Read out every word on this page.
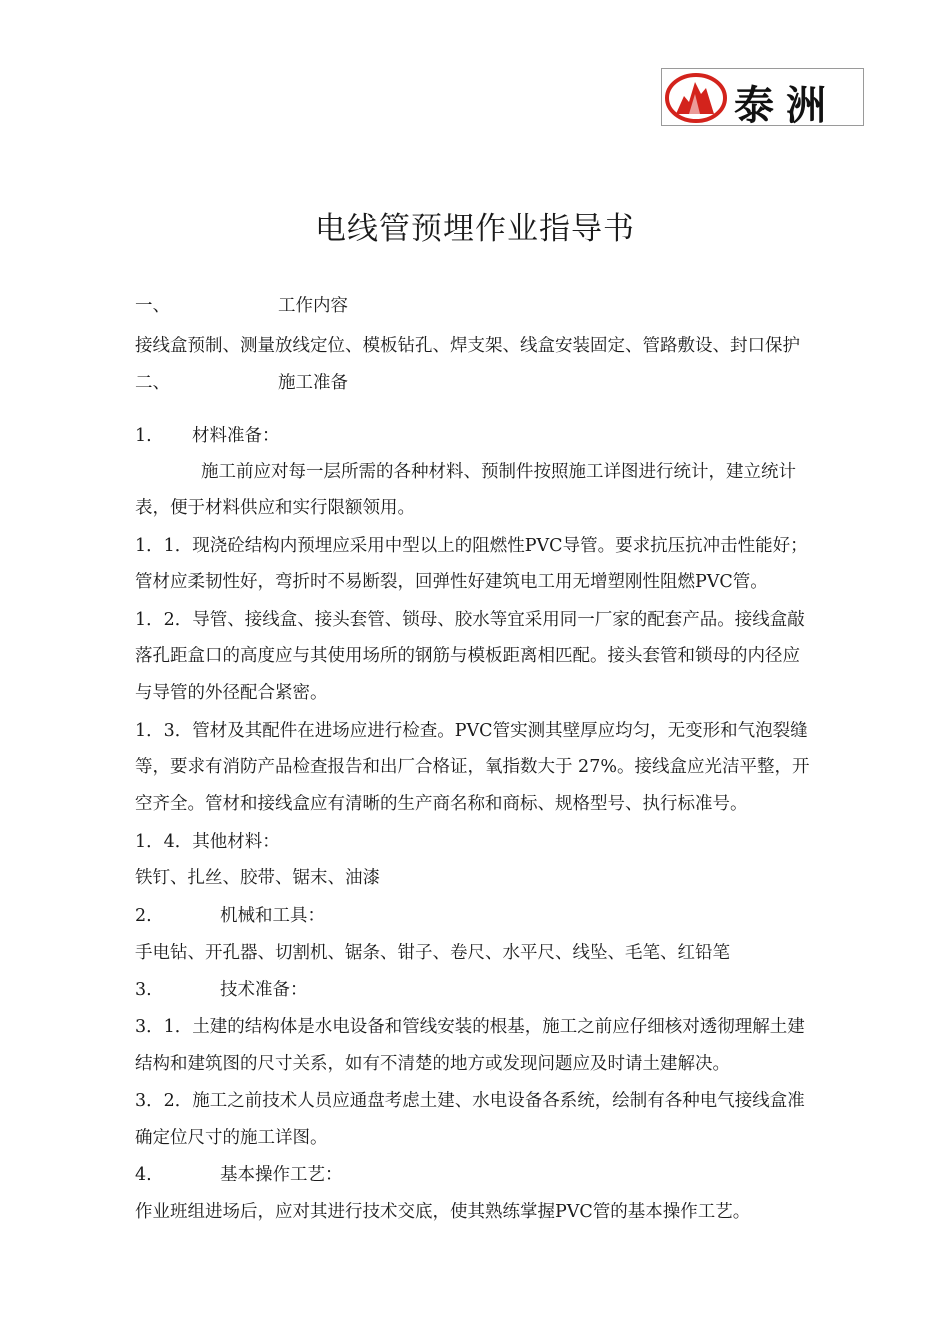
泰洲
电线管预埋作业指导书
一、	工作内容
接线盒预制、测量放线定位、模板钻孔、焊支架、线盒安装固定、管路敷设、封口保护
二、	施工准备
1. 材料准备：
施工前应对每一层所需的各种材料、预制件按照施工详图进行统计，建立统计
表，便于材料供应和实行限额领用。
1．1．现浇砼结构内预埋应采用中型以上的阻燃性PVC导管。要求抗压抗冲击性能好；
管材应柔韧性好，弯折时不易断裂，回弹性好建筑电工用无增塑刚性阻燃PVC管。
1．2．导管、接线盒、接头套管、锁母、胶水等宜采用同一厂家的配套产品。接线盒敲
落孔距盒口的高度应与其使用场所的钢筋与模板距离相匹配。接头套管和锁母的内径应
与导管的外径配合紧密。
1．3．管材及其配件在进场应进行检查。PVC管实测其壁厚应均匀，无变形和气泡裂缝
等，要求有消防产品检查报告和出厂合格证，氧指数大于 27%。接线盒应光洁平整，开
空齐全。管材和接线盒应有清晰的生产商名称和商标、规格型号、执行标准号。
1．4．其他材料：
铁钉、扎丝、胶带、锯末、油漆
2.	机械和工具：
手电钻、开孔器、切割机、锯条、钳子、卷尺、水平尺、线坠、毛笔、红铅笔
3.	技术准备：
3．1．土建的结构体是水电设备和管线安装的根基，施工之前应仔细核对透彻理解土建
结构和建筑图的尺寸关系，如有不清楚的地方或发现问题应及时请土建解决。
3．2．施工之前技术人员应通盘考虑土建、水电设备各系统，绘制有各种电气接线盒准
确定位尺寸的施工详图。
4.	基本操作工艺：
作业班组进场后，应对其进行技术交底，使其熟练掌握PVC管的基本操作工艺。
